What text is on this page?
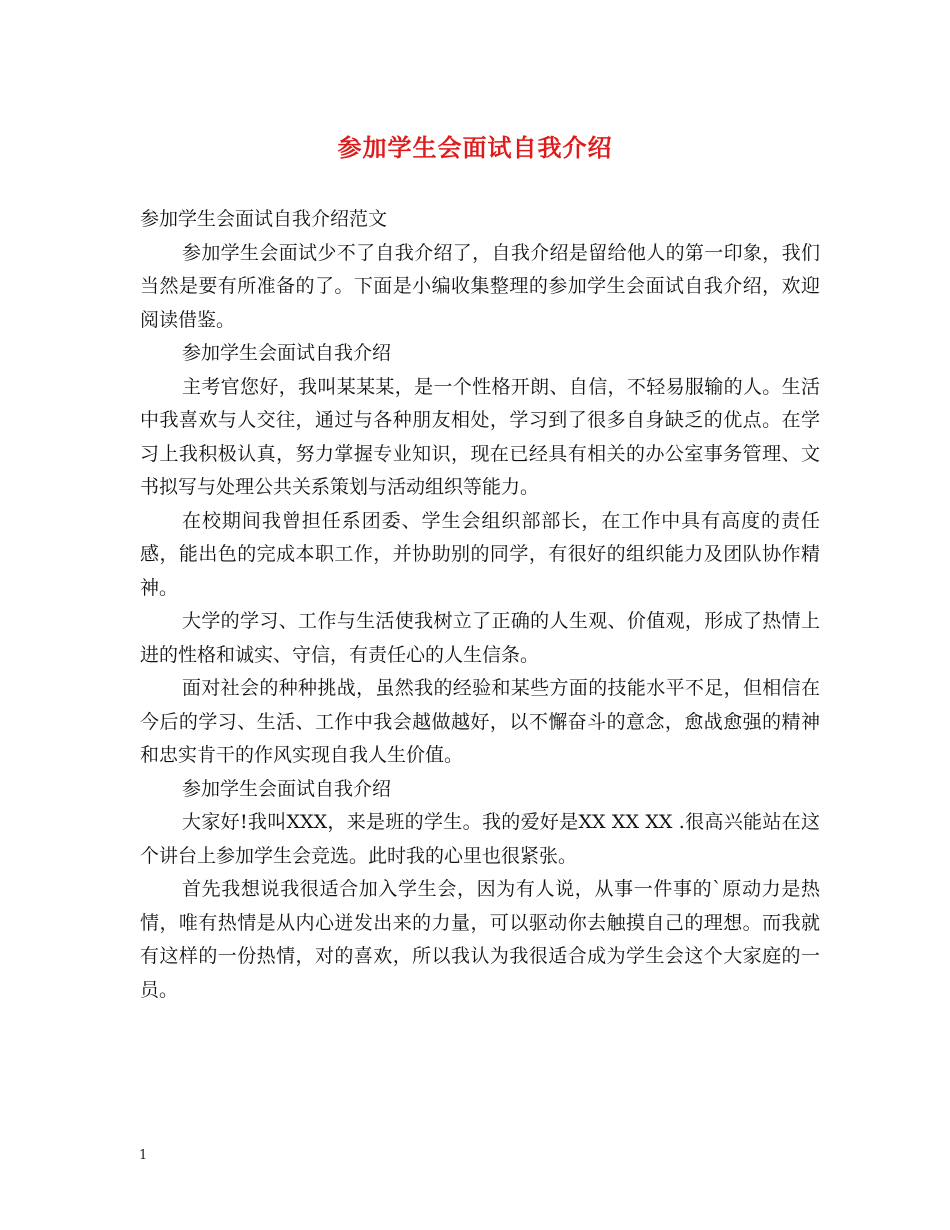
参加学生会面试自我介绍

参加学生会面试自我介绍范文

参加学生会面试少不了自我介绍了，自我介绍是留给他人的第一印象，我们当然是要有所准备的了。下面是小编收集整理的参加学生会面试自我介绍，欢迎阅读借鉴。

参加学生会面试自我介绍

主考官您好，我叫某某某，是一个性格开朗、自信，不轻易服输的人。生活中我喜欢与人交往，通过与各种朋友相处，学习到了很多自身缺乏的优点。在学习上我积极认真，努力掌握专业知识，现在已经具有相关的办公室事务管理、文书拟写与处理公共关系策划与活动组织等能力。

在校期间我曾担任系团委、学生会组织部部长，在工作中具有高度的责任感，能出色的完成本职工作，并协助别的同学，有很好的组织能力及团队协作精神。

大学的学习、工作与生活使我树立了正确的人生观、价值观，形成了热情上进的性格和诚实、守信，有责任心的人生信条。

面对社会的种种挑战，虽然我的经验和某些方面的技能水平不足，但相信在今后的学习、生活、工作中我会越做越好，以不懈奋斗的意念，愈战愈强的精神和忠实肯干的作风实现自我人生价值。

参加学生会面试自我介绍

大家好!我叫XXX，来是班的学生。我的爱好是XX XX XX .很高兴能站在这个讲台上参加学生会竞选。此时我的心里也很紧张。

首先我想说我很适合加入学生会，因为有人说，从事一件事的`原动力是热情，唯有热情是从内心迸发出来的力量，可以驱动你去触摸自己的理想。而我就有这样的一份热情，对的喜欢，所以我认为我很适合成为学生会这个大家庭的一员。

1
